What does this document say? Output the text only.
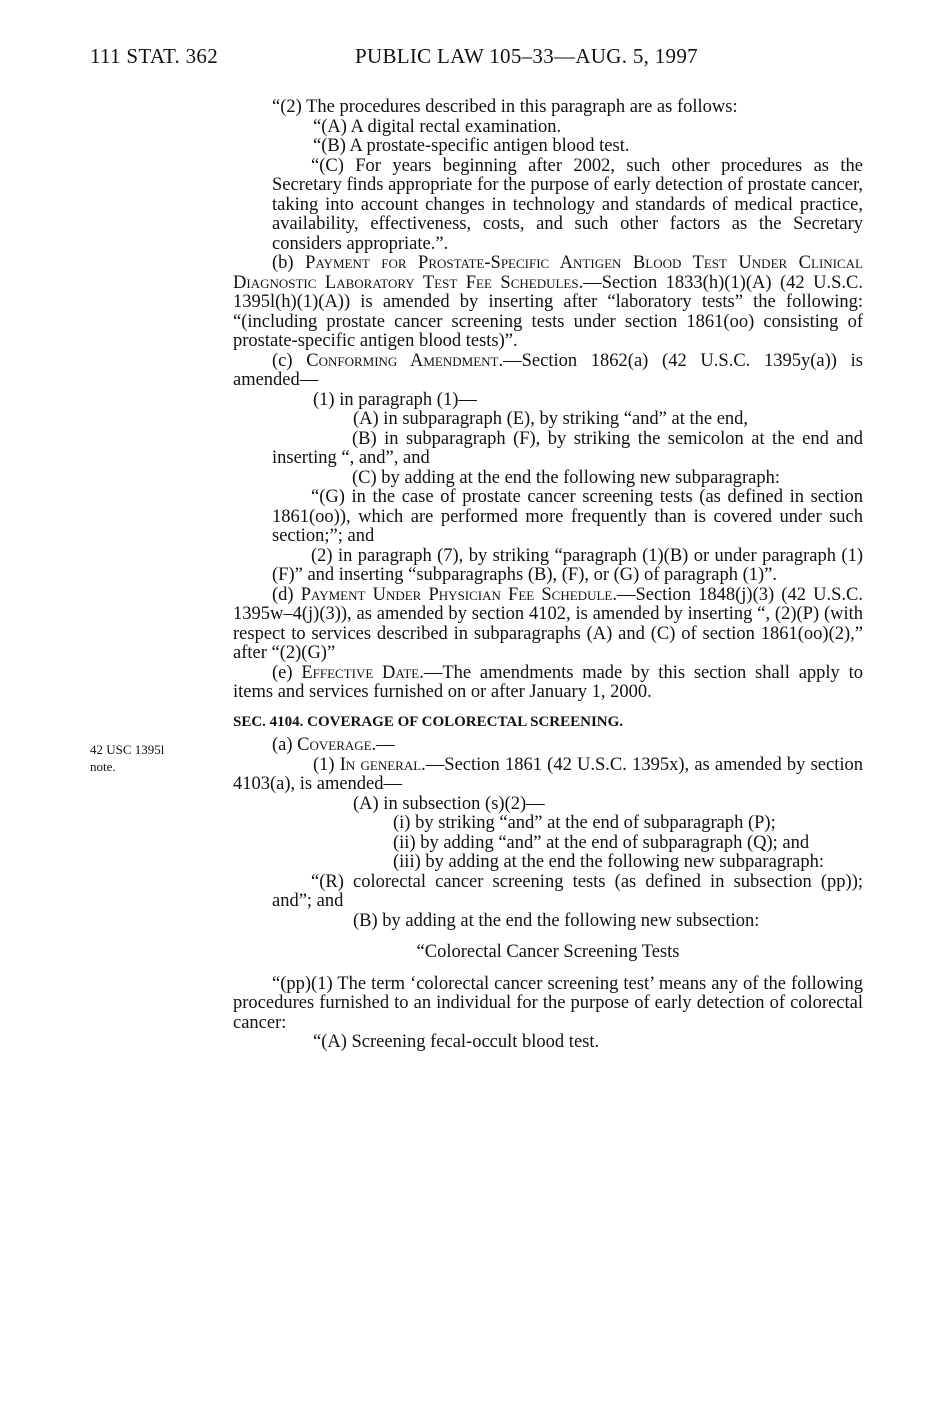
111 STAT. 362	PUBLIC LAW 105–33—AUG. 5, 1997
42 USC 1395l
note.

“(2) The procedures described in this paragraph are as follows:

“(A) A digital rectal examination.

“(B) A prostate-specific antigen blood test.

“(C) For years beginning after 2002, such other procedures as the Secretary finds appropriate for the purpose of early detection of prostate cancer, taking into account changes in technology and standards of medical practice, availability, effectiveness, costs, and such other factors as the Secretary considers appropriate.”.

(b) Payment for Prostate-Specific Antigen Blood Test Under Clinical Diagnostic Laboratory Test Fee Schedules.—Section 1833(h)(1)(A) (42 U.S.C. 1395l(h)(1)(A)) is amended by inserting after “laboratory tests” the following: “(including prostate cancer screening tests under section 1861(oo) consisting of prostate-specific antigen blood tests)”.

(c) Conforming Amendment.—Section 1862(a) (42 U.S.C. 1395y(a)) is amended—

(1) in paragraph (1)—

(A) in subparagraph (E), by striking “and” at the end,

(B) in subparagraph (F), by striking the semicolon at the end and inserting “, and”, and

(C) by adding at the end the following new subparagraph:

“(G) in the case of prostate cancer screening tests (as defined in section 1861(oo)), which are performed more frequently than is covered under such section;”; and

(2) in paragraph (7), by striking “paragraph (1)(B) or under paragraph (1)(F)” and inserting “subparagraphs (B), (F), or (G) of paragraph (1)”.

(d) Payment Under Physician Fee Schedule.—Section 1848(j)(3) (42 U.S.C. 1395w–4(j)(3)), as amended by section 4102, is amended by inserting “, (2)(P) (with respect to services described in subparagraphs (A) and (C) of section 1861(oo)(2),” after “(2)(G)”

(e) Effective Date.—The amendments made by this section shall apply to items and services furnished on or after January 1, 2000.

SEC. 4104. COVERAGE OF COLORECTAL SCREENING.

(a) Coverage.—

(1) In general.—Section 1861 (42 U.S.C. 1395x), as amended by section 4103(a), is amended—

(A) in subsection (s)(2)—

(i) by striking “and” at the end of subparagraph (P);

(ii) by adding “and” at the end of subparagraph (Q); and

(iii) by adding at the end the following new subparagraph:

“(R) colorectal cancer screening tests (as defined in subsection (pp)); and”; and

(B) by adding at the end the following new subsection:

“Colorectal Cancer Screening Tests

“(pp)(1) The term ‘colorectal cancer screening test’ means any of the following procedures furnished to an individual for the purpose of early detection of colorectal cancer:

“(A) Screening fecal-occult blood test.
